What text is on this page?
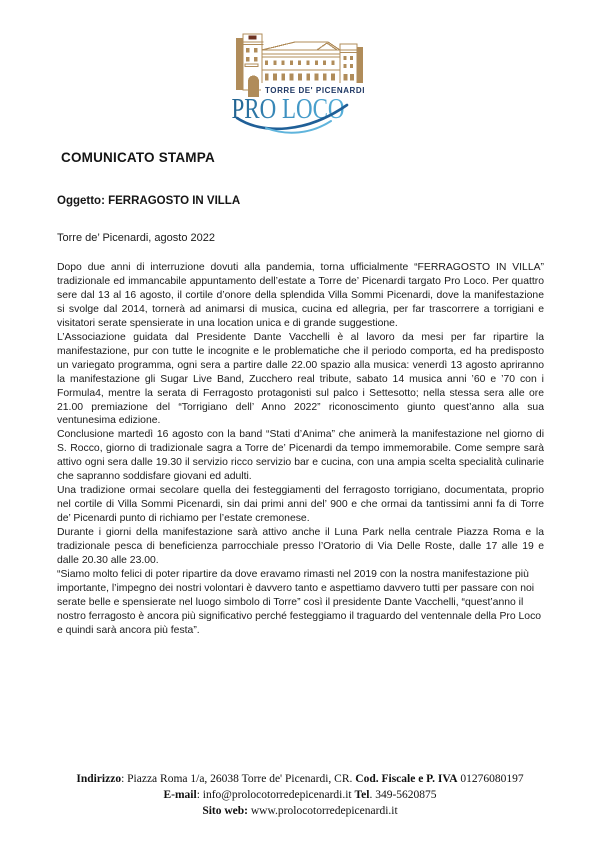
TORRE DE' PICENARDI
PRO LOCO
COMUNICATO STAMPA
Oggetto: FERRAGOSTO IN VILLA
Torre de’ Picenardi, agosto 2022

Dopo due anni di interruzione dovuti alla pandemia, torna ufficialmente “FERRAGOSTO IN VILLA” tradizionale ed immancabile appuntamento dell’estate a Torre de’ Picenardi targato Pro Loco. Per quattro sere dal 13 al 16 agosto, il cortile d’onore della splendida Villa Sommi Picenardi, dove la manifestazione si svolge dal 2014, tornerà ad animarsi di musica, cucina ed allegria, per far trascorrere a torrigiani e visitatori serate spensierate in una location unica e di grande suggestione.

L’Associazione guidata dal Presidente Dante Vacchelli è al lavoro da mesi per far ripartire la manifestazione, pur con tutte le incognite e le problematiche che il periodo comporta, ed ha predisposto un variegato programma, ogni sera a partire dalle 22.00 spazio alla musica: venerdì 13 agosto apriranno la manifestazione gli Sugar Live Band, Zucchero real tribute, sabato 14 musica anni ’60 e ’70 con i Formula4, mentre la serata di Ferragosto protagonisti sul palco i Settesotto; nella stessa sera alle ore 21.00 premiazione del “Torrigiano dell’ Anno 2022” riconoscimento giunto quest’anno alla sua ventunesima edizione.

Conclusione martedì 16 agosto con la band “Stati d’Anima” che animerà la manifestazione nel giorno di S. Rocco, giorno di tradizionale sagra a Torre de’ Picenardi da tempo immemorabile. Come sempre sarà attivo ogni sera dalle 19.30 il servizio ricco servizio bar e cucina, con una ampia scelta specialità culinarie che sapranno soddisfare giovani ed adulti.

Una tradizione ormai secolare quella dei festeggiamenti del ferragosto torrigiano, documentata, proprio nel cortile di Villa Sommi Picenardi, sin dai primi anni del’ 900 e che ormai da tantissimi anni fa di Torre de’ Picenardi punto di richiamo per l’estate cremonese.

Durante i giorni della manifestazione sarà attivo anche il Luna Park nella centrale Piazza Roma e la tradizionale pesca di beneficienza parrocchiale presso l’Oratorio di Via Delle Roste, dalle 17 alle 19 e dalle 20.30 alle 23.00.

“Siamo molto felici di poter ripartire da dove eravamo rimasti nel 2019 con la nostra manifestazione più importante, l’impegno dei nostri volontari è davvero tanto e aspettiamo davvero tutti per passare con noi serate belle e spensierate nel luogo simbolo di Torre” così il presidente Dante Vacchelli, “quest’anno il nostro ferragosto è ancora più significativo perché festeggiamo il traguardo del ventennale della Pro Loco e quindi sarà ancora più festa”.

Indirizzo: Piazza Roma 1/a, 26038 Torre de' Picenardi, CR. Cod. Fiscale e P. IVA 01276080197
E-mail: info@prolocotorredepicenardi.it Tel. 349-5620875
Sito web: www.prolocotorredepicenardi.it
